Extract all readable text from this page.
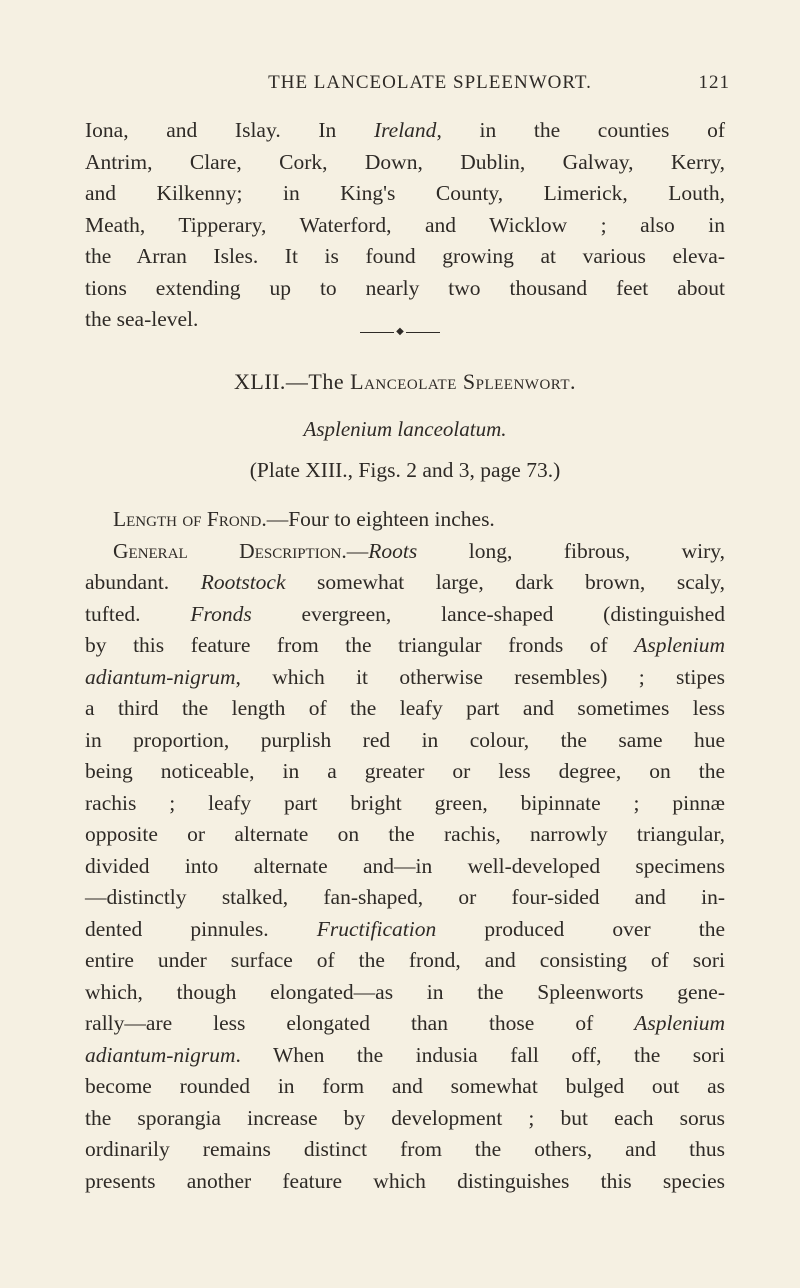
THE LANCEOLATE SPLEENWORT.	121
Iona, and Islay. In Ireland, in the counties of
Antrim, Clare, Cork, Down, Dublin, Galway, Kerry,
and Kilkenny; in King's County, Limerick, Louth,
Meath, Tipperary, Waterford, and Wicklow ; also in
the Arran Isles. It is found growing at various eleva-
tions extending up to nearly two thousand feet about
the sea-level.
◆
XLII.—The Lanceolate Spleenwort.
Asplenium lanceolatum.
(Plate XIII., Figs. 2 and 3, page 73.)
Length of Frond.—Four to eighteen inches.
General Description.—Roots long, fibrous, wiry,
abundant. Rootstock somewhat large, dark brown, scaly,
tufted. Fronds evergreen, lance-shaped (distinguished
by this feature from the triangular fronds of Asplenium
adiantum-nigrum, which it otherwise resembles) ; stipes
a third the length of the leafy part and sometimes less
in proportion, purplish red in colour, the same hue
being noticeable, in a greater or less degree, on the
rachis ; leafy part bright green, bipinnate ; pinnæ
opposite or alternate on the rachis, narrowly triangular,
divided into alternate and—in well-developed specimens
—distinctly stalked, fan-shaped, or four-sided and in-
dented pinnules. Fructification produced over the
entire under surface of the frond, and consisting of sori
which, though elongated—as in the Spleenworts gene-
rally—are less elongated than those of Asplenium
adiantum-nigrum. When the indusia fall off, the sori
become rounded in form and somewhat bulged out as
the sporangia increase by development ; but each sorus
ordinarily remains distinct from the others, and thus
presents another feature which distinguishes this species
